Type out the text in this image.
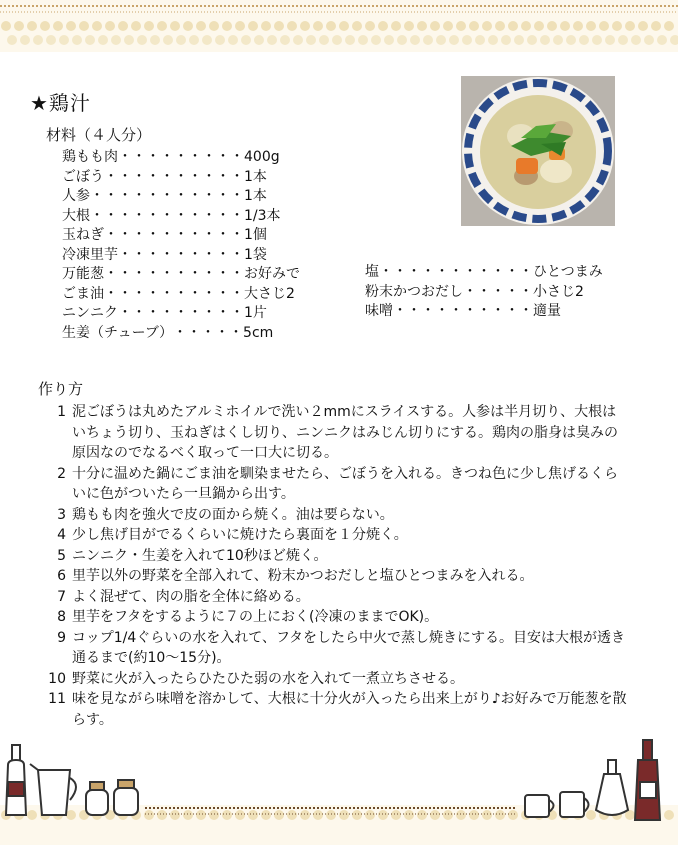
★鶏汁
材料（４人分）
鶏もも肉 ・・・・・・・・・ 400g
ごぼう ・・・・・・・・・・ 1本
人参 ・・・・・・・・・・・ 1本
大根 ・・・・・・・・・・・ 1/3本
玉ねぎ ・・・・・・・・・・ 1個
冷凍里芋 ・・・・・・・・・ 1袋
万能葱 ・・・・・・・・・・ お好みで
ごま油 ・・・・・・・・・・ 大さじ2
ニンニク ・・・・・・・・・ 1片
生姜（チューブ） ・・・・・ 5cm
塩 ・・・・・・・・・・・ ひとつまみ
粉末かつおだし ・・・・・ 小さじ2
味噌 ・・・・・・・・・・ 適量
作り方
1 泥ごぼうは丸めたアルミホイルで洗い２mmにスライスする。人参は半月切り、大根はいちょう切り、玉ねぎはくし切り、ニンニクはみじん切りにする。鶏肉の脂身は臭みの原因なのでなるべく取って一口大に切る。
2 十分に温めた鍋にごま油を馴染ませたら、ごぼうを入れる。きつね色に少し焦げるくらいに色がついたら一旦鍋から出す。
3 鶏もも肉を強火で皮の面から焼く。油は要らない。
4 少し焦げ目がでるくらいに焼けたら裏面を１分焼く。
5 ニンニク・生姜を入れて10秒ほど焼く。
6 里芋以外の野菜を全部入れて、粉末かつおだしと塩ひとつまみを入れる。
7 よく混ぜて、肉の脂を全体に絡める。
8 里芋をフタをするように７の上におく(冷凍のままでOK)。
9 コップ1/4ぐらいの水を入れて、フタをしたら中火で蒸し焼きにする。目安は大根が透き通るまで(約10～15分)。
10 野菜に火が入ったらひたひた弱の水を入れて一煮立ちさせる。
11 味を見ながら味噌を溶かして、大根に十分火が入ったら出来上がり♪お好みで万能葱を散らす。
